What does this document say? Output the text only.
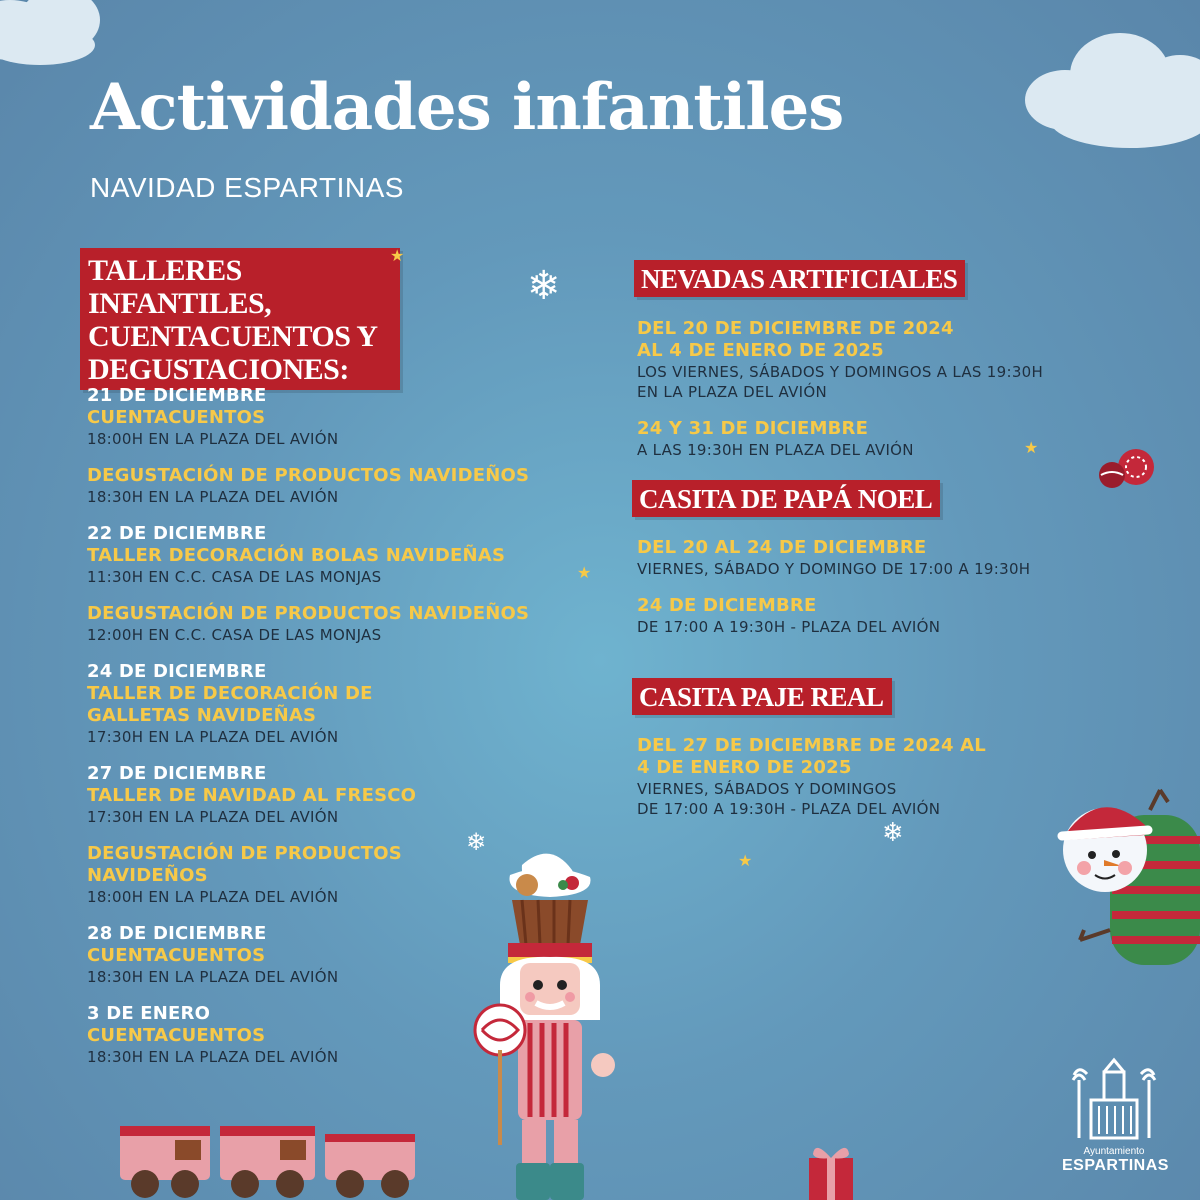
Actividades infantiles
NAVIDAD ESPARTINAS
TALLERES INFANTILES,
CUENTACUENTOS Y
DEGUSTACIONES:
21 DE DICIEMBRE
CUENTACUENTOS
18:00H EN LA PLAZA DEL AVIÓN
DEGUSTACIÓN DE PRODUCTOS NAVIDEÑOS
18:30H EN LA PLAZA DEL AVIÓN
22 DE DICIEMBRE
TALLER DECORACIÓN BOLAS NAVIDEÑAS
11:30H EN C.C. CASA DE LAS MONJAS
DEGUSTACIÓN DE PRODUCTOS NAVIDEÑOS
12:00H EN C.C. CASA DE LAS MONJAS
24 DE DICIEMBRE
TALLER DE DECORACIÓN DE
GALLETAS NAVIDEÑAS
17:30H EN LA PLAZA DEL AVIÓN
27 DE DICIEMBRE
TALLER DE NAVIDAD AL FRESCO
17:30H EN LA PLAZA DEL AVIÓN
DEGUSTACIÓN DE PRODUCTOS
NAVIDEÑOS
18:00H EN LA PLAZA DEL AVIÓN
28 DE DICIEMBRE
CUENTACUENTOS
18:30H EN LA PLAZA DEL AVIÓN
3 DE ENERO
CUENTACUENTOS
18:30H EN LA PLAZA DEL AVIÓN
NEVADAS ARTIFICIALES
DEL 20 DE DICIEMBRE DE 2024
AL 4 DE ENERO DE 2025
LOS VIERNES, SÁBADOS Y DOMINGOS A LAS 19:30H
EN LA PLAZA DEL AVIÓN
24 Y 31 DE DICIEMBRE
A LAS 19:30H EN PLAZA DEL AVIÓN
CASITA DE PAPÁ NOEL
DEL 20 AL 24 DE DICIEMBRE
VIERNES, SÁBADO Y DOMINGO DE 17:00 A 19:30H
24 DE DICIEMBRE
DE 17:00 A 19:30H - PLAZA DEL AVIÓN
CASITA PAJE REAL
DEL 27 DE DICIEMBRE DE 2024 AL
4 DE ENERO DE 2025
VIERNES, SÁBADOS Y DOMINGOS
DE 17:00 A 19:30H - PLAZA DEL AVIÓN
★
★
★
★
❄
❄	❄
Ayuntamiento
ESPARTINAS
